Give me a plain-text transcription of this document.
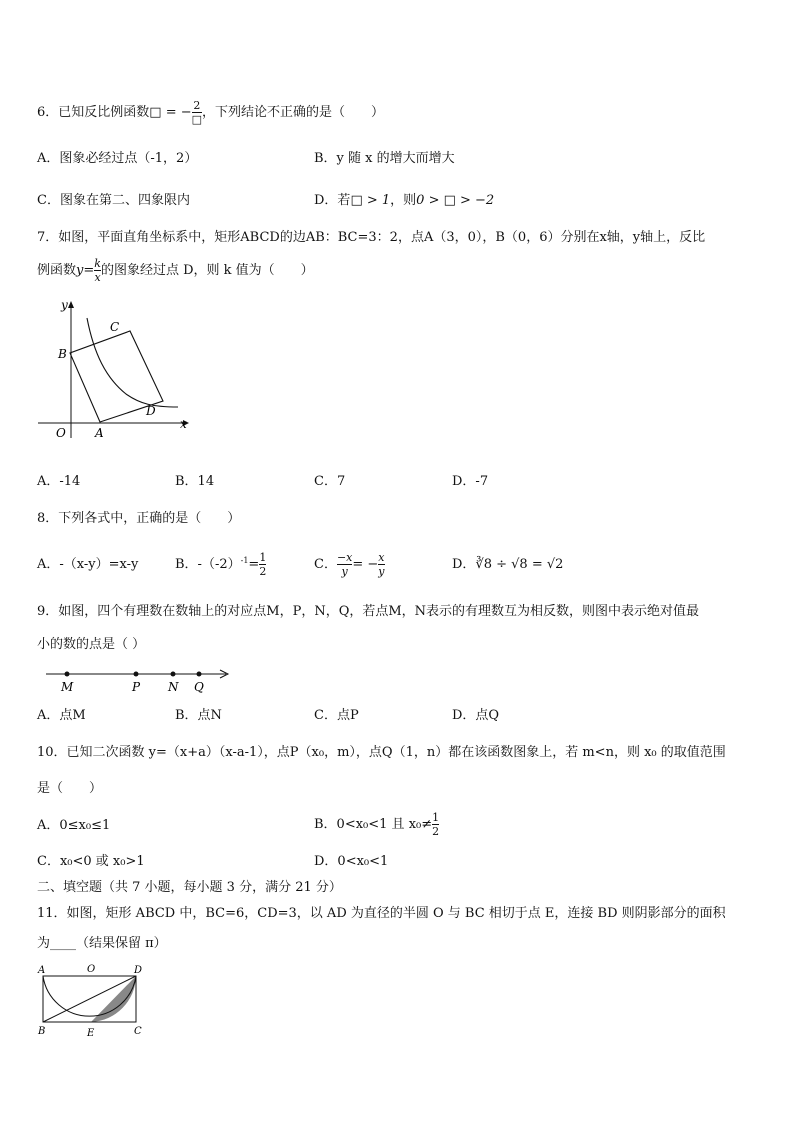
6．已知反比例函数□ = − $\frac{2}{□}$ ，下列结论不正确的是（　　）
A．图象必经过点（-1，2）	B．y 随 x 的增大而增大
C．图象在第二、四象限内	D．若□ > 1，则0 > □ > −2
7．如图，平面直角坐标系中，矩形ABCD的边AB：BC=3：2，点A（3，0），B（0，6）分别在x轴，y轴上，反比
例函数$y= \frac{k}{x}$ 的图象经过点 D，则 k 值为（　　）
y
x
O A
B
C
D
A．-14	B．14	C．7	D．-7
8．下列各式中，正确的是（　　）
A．-（x-y）=x-y	B．$-(-2)^{-1}= \frac{1}{2}$	C． $\frac{-x}{y}$ = − $\frac{x}{y}$	D．∛8 ÷ √8 = √2
9．如图，四个有理数在数轴上的对应点M，P，N，Q，若点M，N表示的有理数互为相反数，则图中表示绝对值最
小的数的点是（ ）
M	P N Q
A．点M	B．点N	C．点P	D．点Q
10．已知二次函数 y=（x+a）（x-a-1），点P（x₀，m），点Q（1，n）都在该函数图象上，若 m<n，则 x₀ 的取值范围
是（　　）
A．0≤x₀≤1	B．0<x₀<1 且 $x_0\ne \frac{1}{2}$
C．x₀<0 或 x₀>1	D．0<x₀<1
二、填空题（共 7 小题，每小题 3 分，满分 21 分）
11．如图，矩形 ABCD 中，BC=6，CD=3，以 AD 为直径的半圆 O 与 BC 相切于点 E，连接 BD 则阴影部分的面积
为____（结果保留 π）
A	O	D
B	E	C
